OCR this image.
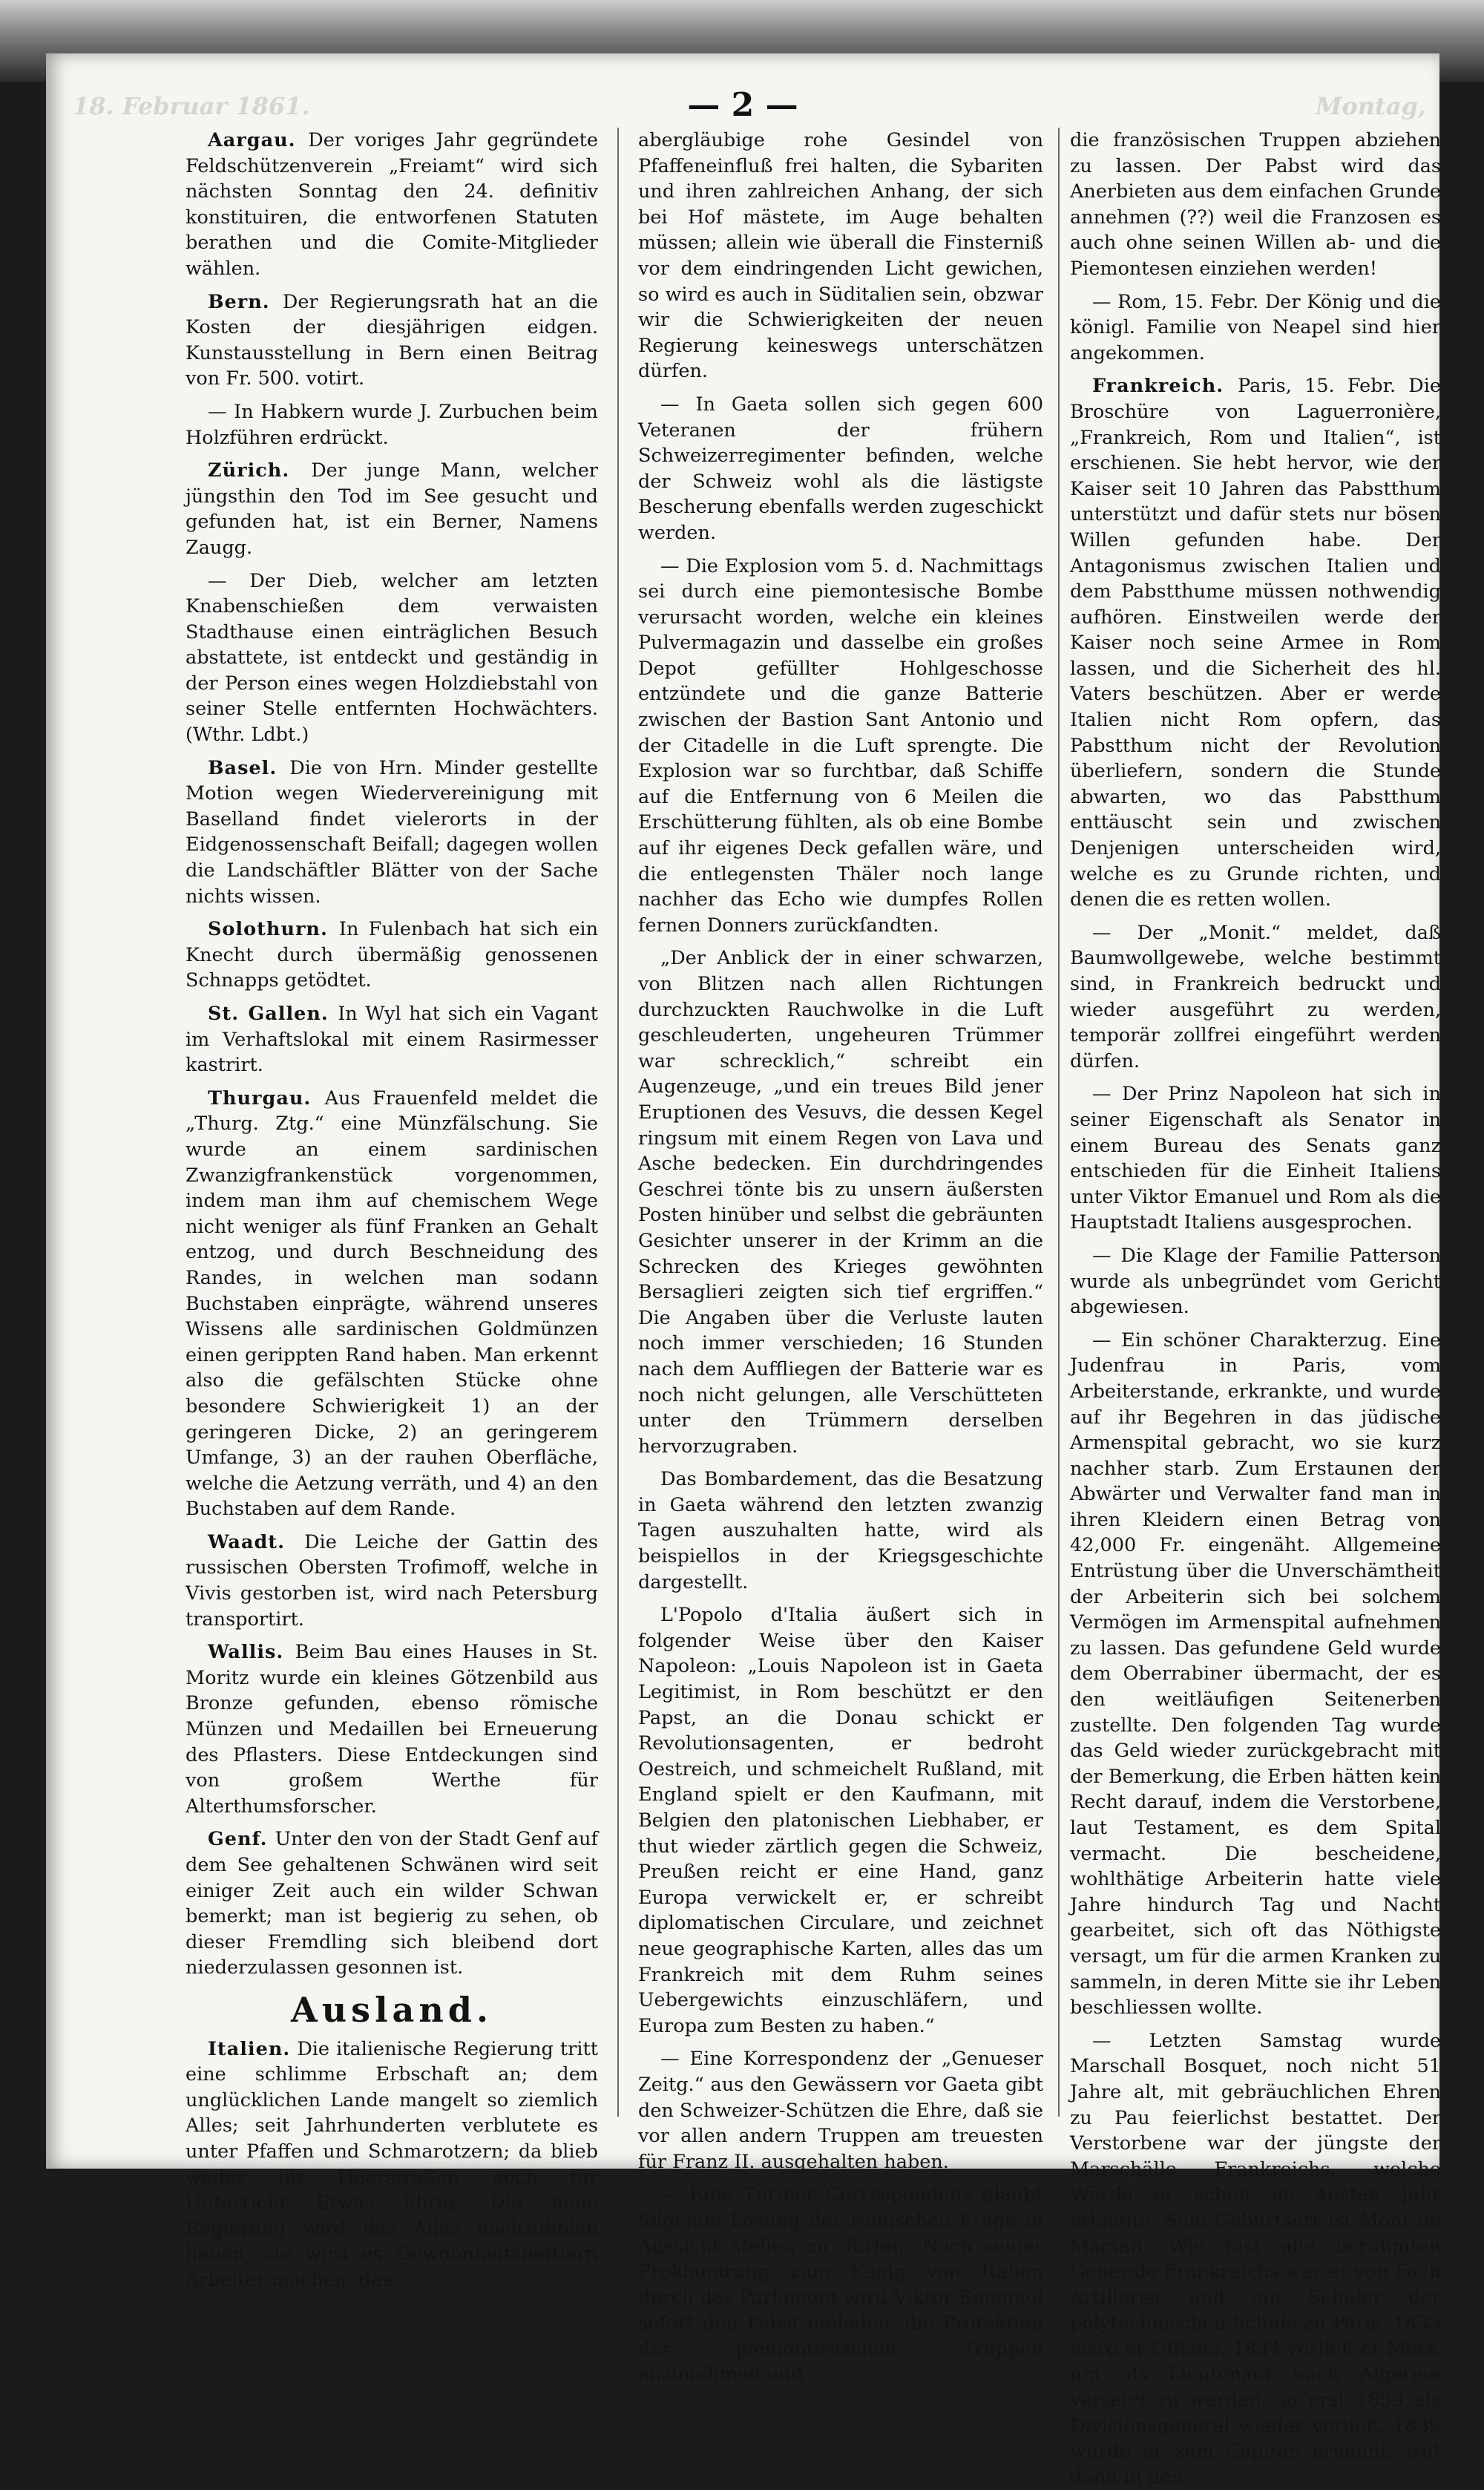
18. Februar 1861.	— 2 —	Montag,

Aargau. Der voriges Jahr gegründete Feldschützenverein „Freiamt“ wird sich nächsten Sonntag den 24. definitiv konstituiren, die entworfenen Statuten berathen und die Comite-Mitglieder wählen.

Bern. Der Regierungsrath hat an die Kosten der diesjährigen eidgen. Kunstausstellung in Bern einen Beitrag von Fr. 500. votirt.

— In Habkern wurde J. Zurbuchen beim Holzführen erdrückt.

Zürich. Der junge Mann, welcher jüngsthin den Tod im See gesucht und gefunden hat, ist ein Berner, Namens Zaugg.

— Der Dieb, welcher am letzten Knabenschießen dem verwaisten Stadthause einen einträglichen Besuch abstattete, ist entdeckt und geständig in der Person eines wegen Holzdiebstahl von seiner Stelle entfernten Hochwächters. (Wthr. Ldbt.)

Basel. Die von Hrn. Minder gestellte Motion wegen Wiedervereinigung mit Baselland findet vielerorts in der Eidgenossenschaft Beifall; dagegen wollen die Landschäftler Blätter von der Sache nichts wissen.

Solothurn. In Fulenbach hat sich ein Knecht durch übermäßig genossenen Schnapps getödtet.

St. Gallen. In Wyl hat sich ein Vagant im Verhaftslokal mit einem Rasirmesser kastrirt.

Thurgau. Aus Frauenfeld meldet die „Thurg. Ztg.“ eine Münzfälschung. Sie wurde an einem sardinischen Zwanzigfrankenstück vorgenommen, indem man ihm auf chemischem Wege nicht weniger als fünf Franken an Gehalt entzog, und durch Beschneidung des Randes, in welchen man sodann Buchstaben einprägte, während unseres Wissens alle sardinischen Goldmünzen einen gerippten Rand haben. Man erkennt also die gefälschten Stücke ohne besondere Schwierigkeit 1) an der geringeren Dicke, 2) an geringerem Umfange, 3) an der rauhen Oberfläche, welche die Aetzung verräth, und 4) an den Buchstaben auf dem Rande.

Waadt. Die Leiche der Gattin des russischen Obersten Trofimoff, welche in Vivis gestorben ist, wird nach Petersburg transportirt.

Wallis. Beim Bau eines Hauses in St. Moritz wurde ein kleines Götzenbild aus Bronze gefunden, ebenso römische Münzen und Medaillen bei Erneuerung des Pflasters. Diese Entdeckungen sind von großem Werthe für Alterthumsforscher.

Genf. Unter den von der Stadt Genf auf dem See gehaltenen Schwänen wird seit einiger Zeit auch ein wilder Schwan bemerkt; man ist begierig zu sehen, ob dieser Fremdling sich bleibend dort niederzulassen gesonnen ist.

Ausland.

Italien. Die italienische Regierung tritt eine schlimme Erbschaft an; dem unglücklichen Lande mangelt so ziemlich Alles; seit Jahrhunderten verblutete es unter Pfaffen und Schmarotzern; da blieb weder für Heerstraßen noch für Unterricht Etwas übrig. Die neue Regierung wird das Alles nachzuholen haben; sie wird es Gewohnheitsbettlern Arbeiter machen, das

abergläubige rohe Gesindel von Pfaffeneinfluß frei halten, die Sybariten und ihren zahlreichen Anhang, der sich bei Hof mästete, im Auge behalten müssen; allein wie überall die Finsterniß vor dem eindringenden Licht gewichen, so wird es auch in Süditalien sein, obzwar wir die Schwierigkeiten der neuen Regierung keineswegs unterschätzen dürfen.

— In Gaeta sollen sich gegen 600 Veteranen der frühern Schweizerregimenter befinden, welche der Schweiz wohl als die lästigste Bescherung ebenfalls werden zugeschickt werden.

— Die Explosion vom 5. d. Nachmittags sei durch eine piemontesische Bombe verursacht worden, welche ein kleines Pulvermagazin und dasselbe ein großes Depot gefüllter Hohlgeschosse entzündete und die ganze Batterie zwischen der Bastion Sant Antonio und der Citadelle in die Luft sprengte. Die Explosion war so furchtbar, daß Schiffe auf die Entfernung von 6 Meilen die Erschütterung fühlten, als ob eine Bombe auf ihr eigenes Deck gefallen wäre, und die entlegensten Thäler noch lange nachher das Echo wie dumpfes Rollen fernen Donners zurückſandten.

„Der Anblick der in einer schwarzen, von Blitzen nach allen Richtungen durchzuckten Rauchwolke in die Luft geschleuderten, ungeheuren Trümmer war schrecklich,“ schreibt ein Augenzeuge, „und ein treues Bild jener Eruptionen des Vesuvs, die dessen Kegel ringsum mit einem Regen von Lava und Asche bedecken. Ein durchdringendes Geschrei tönte bis zu unsern äußersten Posten hinüber und selbst die gebräunten Gesichter unserer in der Krimm an die Schrecken des Krieges gewöhnten Bersaglieri zeigten sich tief ergriffen.“ Die Angaben über die Verluste lauten noch immer verschieden; 16 Stunden nach dem Auffliegen der Batterie war es noch nicht gelungen, alle Verschütteten unter den Trümmern derselben hervorzugraben.

Das Bombardement, das die Besatzung in Gaeta während den letzten zwanzig Tagen auszuhalten hatte, wird als beispiellos in der Kriegsgeschichte dargestellt.

L'Popolo d'Italia äußert sich in folgender Weise über den Kaiser Napoleon: „Louis Napoleon ist in Gaeta Legitimist, in Rom beschützt er den Papst, an die Donau schickt er Revolutionsagenten, er bedroht Oestreich, und schmeichelt Rußland, mit England spielt er den Kaufmann, mit Belgien den platonischen Liebhaber, er thut wieder zärtlich gegen die Schweiz, Preußen reicht er eine Hand, ganz Europa verwickelt er, er schreibt diplomatischen Circulare, und zeichnet neue geographische Karten, alles das um Frankreich mit dem Ruhm seines Uebergewichts einzuschläfern, und Europa zum Besten zu haben.“

— Eine Korrespondenz der „Genueser Zeitg.“ aus den Gewässern vor Gaeta gibt den Schweizer-Schützen die Ehre, daß sie vor allen andern Truppen am treuesten für Franz II. ausgehalten haben.

— Eine Turiner Correspondenz glaubt folgende Lösung der römischen Frage in Aussicht stellen zu dürfen: Nach seiner Proklamirung zum König von Italien durch das Parlament wird Viktor Emanuel sofort den Pabst einladen, die Protektion der piemontesischen Truppen anzunehmen und

die französischen Truppen abziehen zu lassen. Der Pabst wird das Anerbieten aus dem einfachen Grunde annehmen (??) weil die Franzosen es auch ohne seinen Willen ab- und die Piemontesen einziehen werden!

— Rom, 15. Febr. Der König und die königl. Familie von Neapel sind hier angekommen.

Frankreich. Paris, 15. Febr. Die Broschüre von Laguerronière, „Frankreich, Rom und Italien“, ist erschienen. Sie hebt hervor, wie der Kaiser seit 10 Jahren das Pabstthum unterstützt und dafür stets nur bösen Willen gefunden habe. Der Antagonismus zwischen Italien und dem Pabstthume müssen nothwendig aufhören. Einstweilen werde der Kaiser noch seine Armee in Rom lassen, und die Sicherheit des hl. Vaters beschützen. Aber er werde Italien nicht Rom opfern, das Pabstthum nicht der Revolution überliefern, sondern die Stunde abwarten, wo das Pabstthum enttäuscht sein und zwischen Denjenigen unterscheiden wird, welche es zu Grunde richten, und denen die es retten wollen.

— Der „Monit.“ meldet, daß Baumwollgewebe, welche bestimmt sind, in Frankreich bedruckt und wieder ausgeführt zu werden, temporär zollfrei eingeführt werden dürfen.

— Der Prinz Napoleon hat sich in seiner Eigenschaft als Senator in einem Bureau des Senats ganz entschieden für die Einheit Italiens unter Viktor Emanuel und Rom als die Hauptstadt Italiens ausgesprochen.

— Die Klage der Familie Patterson wurde als unbegründet vom Gericht abgewiesen.

— Ein schöner Charakterzug. Eine Judenfrau in Paris, vom Arbeiterstande, erkrankte, und wurde auf ihr Begehren in das jüdische Armenspital gebracht, wo sie kurz nachher starb. Zum Erstaunen der Abwärter und Verwalter fand man in ihren Kleidern einen Betrag von 42,000 Fr. eingenäht. Allgemeine Entrüstung über die Unverschämtheit der Arbeiterin sich bei solchem Vermögen im Armenspital aufnehmen zu lassen. Das gefundene Geld wurde dem Oberrabiner übermacht, der es den weitläufigen Seitenerben zustellte. Den folgenden Tag wurde das Geld wieder zurückgebracht mit der Bemerkung, die Erben hätten kein Recht darauf, indem die Verstorbene, laut Testament, es dem Spital vermacht. Die bescheidene, wohlthätige Arbeiterin hatte viele Jahre hindurch Tag und Nacht gearbeitet, sich oft das Nöthigste versagt, um für die armen Kranken zu sammeln, in deren Mitte sie ihr Leben beschliessen wollte.

— Letzten Samstag wurde Marschall Bosquet, noch nicht 51 Jahre alt, mit gebräuchlichen Ehren zu Pau feierlichst bestattet. Der Verstorbene war der jüngste der Marschälle Frankreichs, welche Würde er schon im 46sten Jahr erlangte. Sein Geburtsort ist Mont de Marsan. Wie fast alle berühmten Generale Frankreichs war er von Fach Artillerist und ein Schüler der polytechnischen Schule zu Paris. 1833 ward er Offizier, 1834 verließ er Metz, um als Lieutenant nach Algerien versetzt zu werden, so erst 1853 als Divisionsgeneral wieder verließ. 1839 wurde er zum Capitän ernannt, trat dann in den
